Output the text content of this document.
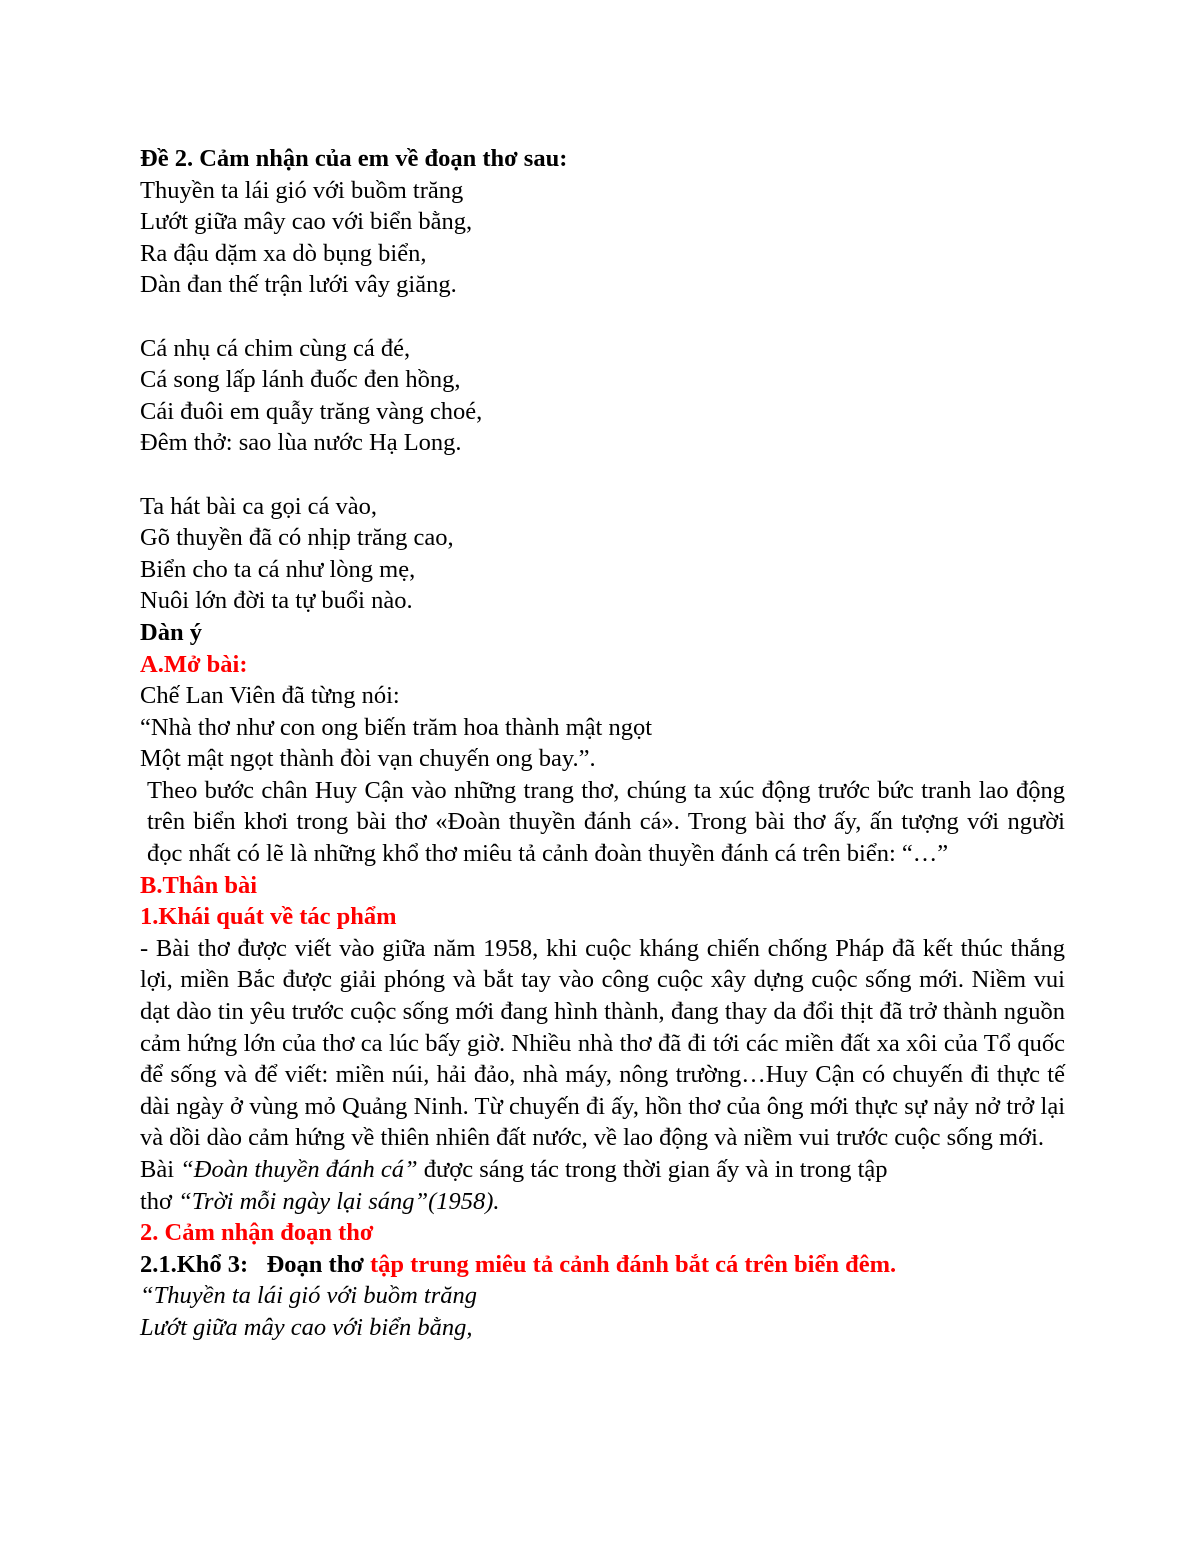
Đề 2. Cảm nhận của em về đoạn thơ sau:

Thuyền ta lái gió với buồm trăng

Lướt giữa mây cao với biển bằng,

Ra đậu dặm xa dò bụng biển,

Dàn đan thế trận lưới vây giăng.

Cá nhụ cá chim cùng cá đé,

Cá song lấp lánh đuốc đen hồng,

Cái đuôi em quẫy trăng vàng choé,

Đêm thở: sao lùa nước Hạ Long.

Ta hát bài ca gọi cá vào,

Gõ thuyền đã có nhịp trăng cao,

Biển cho ta cá như lòng mẹ,

Nuôi lớn đời ta tự buổi nào.

Dàn ý

A.Mở bài:

Chế Lan Viên đã từng nói:

“Nhà thơ như con ong biến trăm hoa thành mật ngọt

Một mật ngọt thành đòi vạn chuyến ong bay.”.

Theo bước chân Huy Cận vào những trang thơ, chúng ta xúc động trước bức tranh lao động trên biển khơi trong bài thơ «Đoàn thuyền đánh cá». Trong bài thơ ấy, ấn tượng với người đọc nhất có lẽ là những khổ thơ miêu tả cảnh đoàn thuyền đánh cá trên biển: “…”

B.Thân bài

1.Khái quát về tác phẩm

- Bài thơ được viết vào giữa năm 1958, khi cuộc kháng chiến chống Pháp đã kết thúc thắng lợi, miền Bắc được giải phóng và bắt tay vào công cuộc xây dựng cuộc sống mới. Niềm vui dạt dào tin yêu trước cuộc sống mới đang hình thành, đang thay da đổi thịt đã trở thành nguồn cảm hứng lớn của thơ ca lúc bấy giờ. Nhiều nhà thơ đã đi tới các miền đất xa xôi của Tổ quốc để sống và để viết: miền núi, hải đảo, nhà máy, nông trường…Huy Cận có chuyến đi thực tế dài ngày ở vùng mỏ Quảng Ninh. Từ chuyến đi ấy, hồn thơ của ông mới thực sự nảy nở trở lại và dồi dào cảm hứng về thiên nhiên đất nước, về lao động và niềm vui trước cuộc sống mới.

Bài “Đoàn thuyền đánh cá” được sáng tác trong thời gian ấy và in trong tập

thơ “Trời mỗi ngày lại sáng”(1958).

2. Cảm nhận đoạn thơ

2.1.Khổ 3: Đoạn thơ tập trung miêu tả cảnh đánh bắt cá trên biển đêm.

“Thuyền ta lái gió với buồm trăng

Lướt giữa mây cao với biển bằng,
